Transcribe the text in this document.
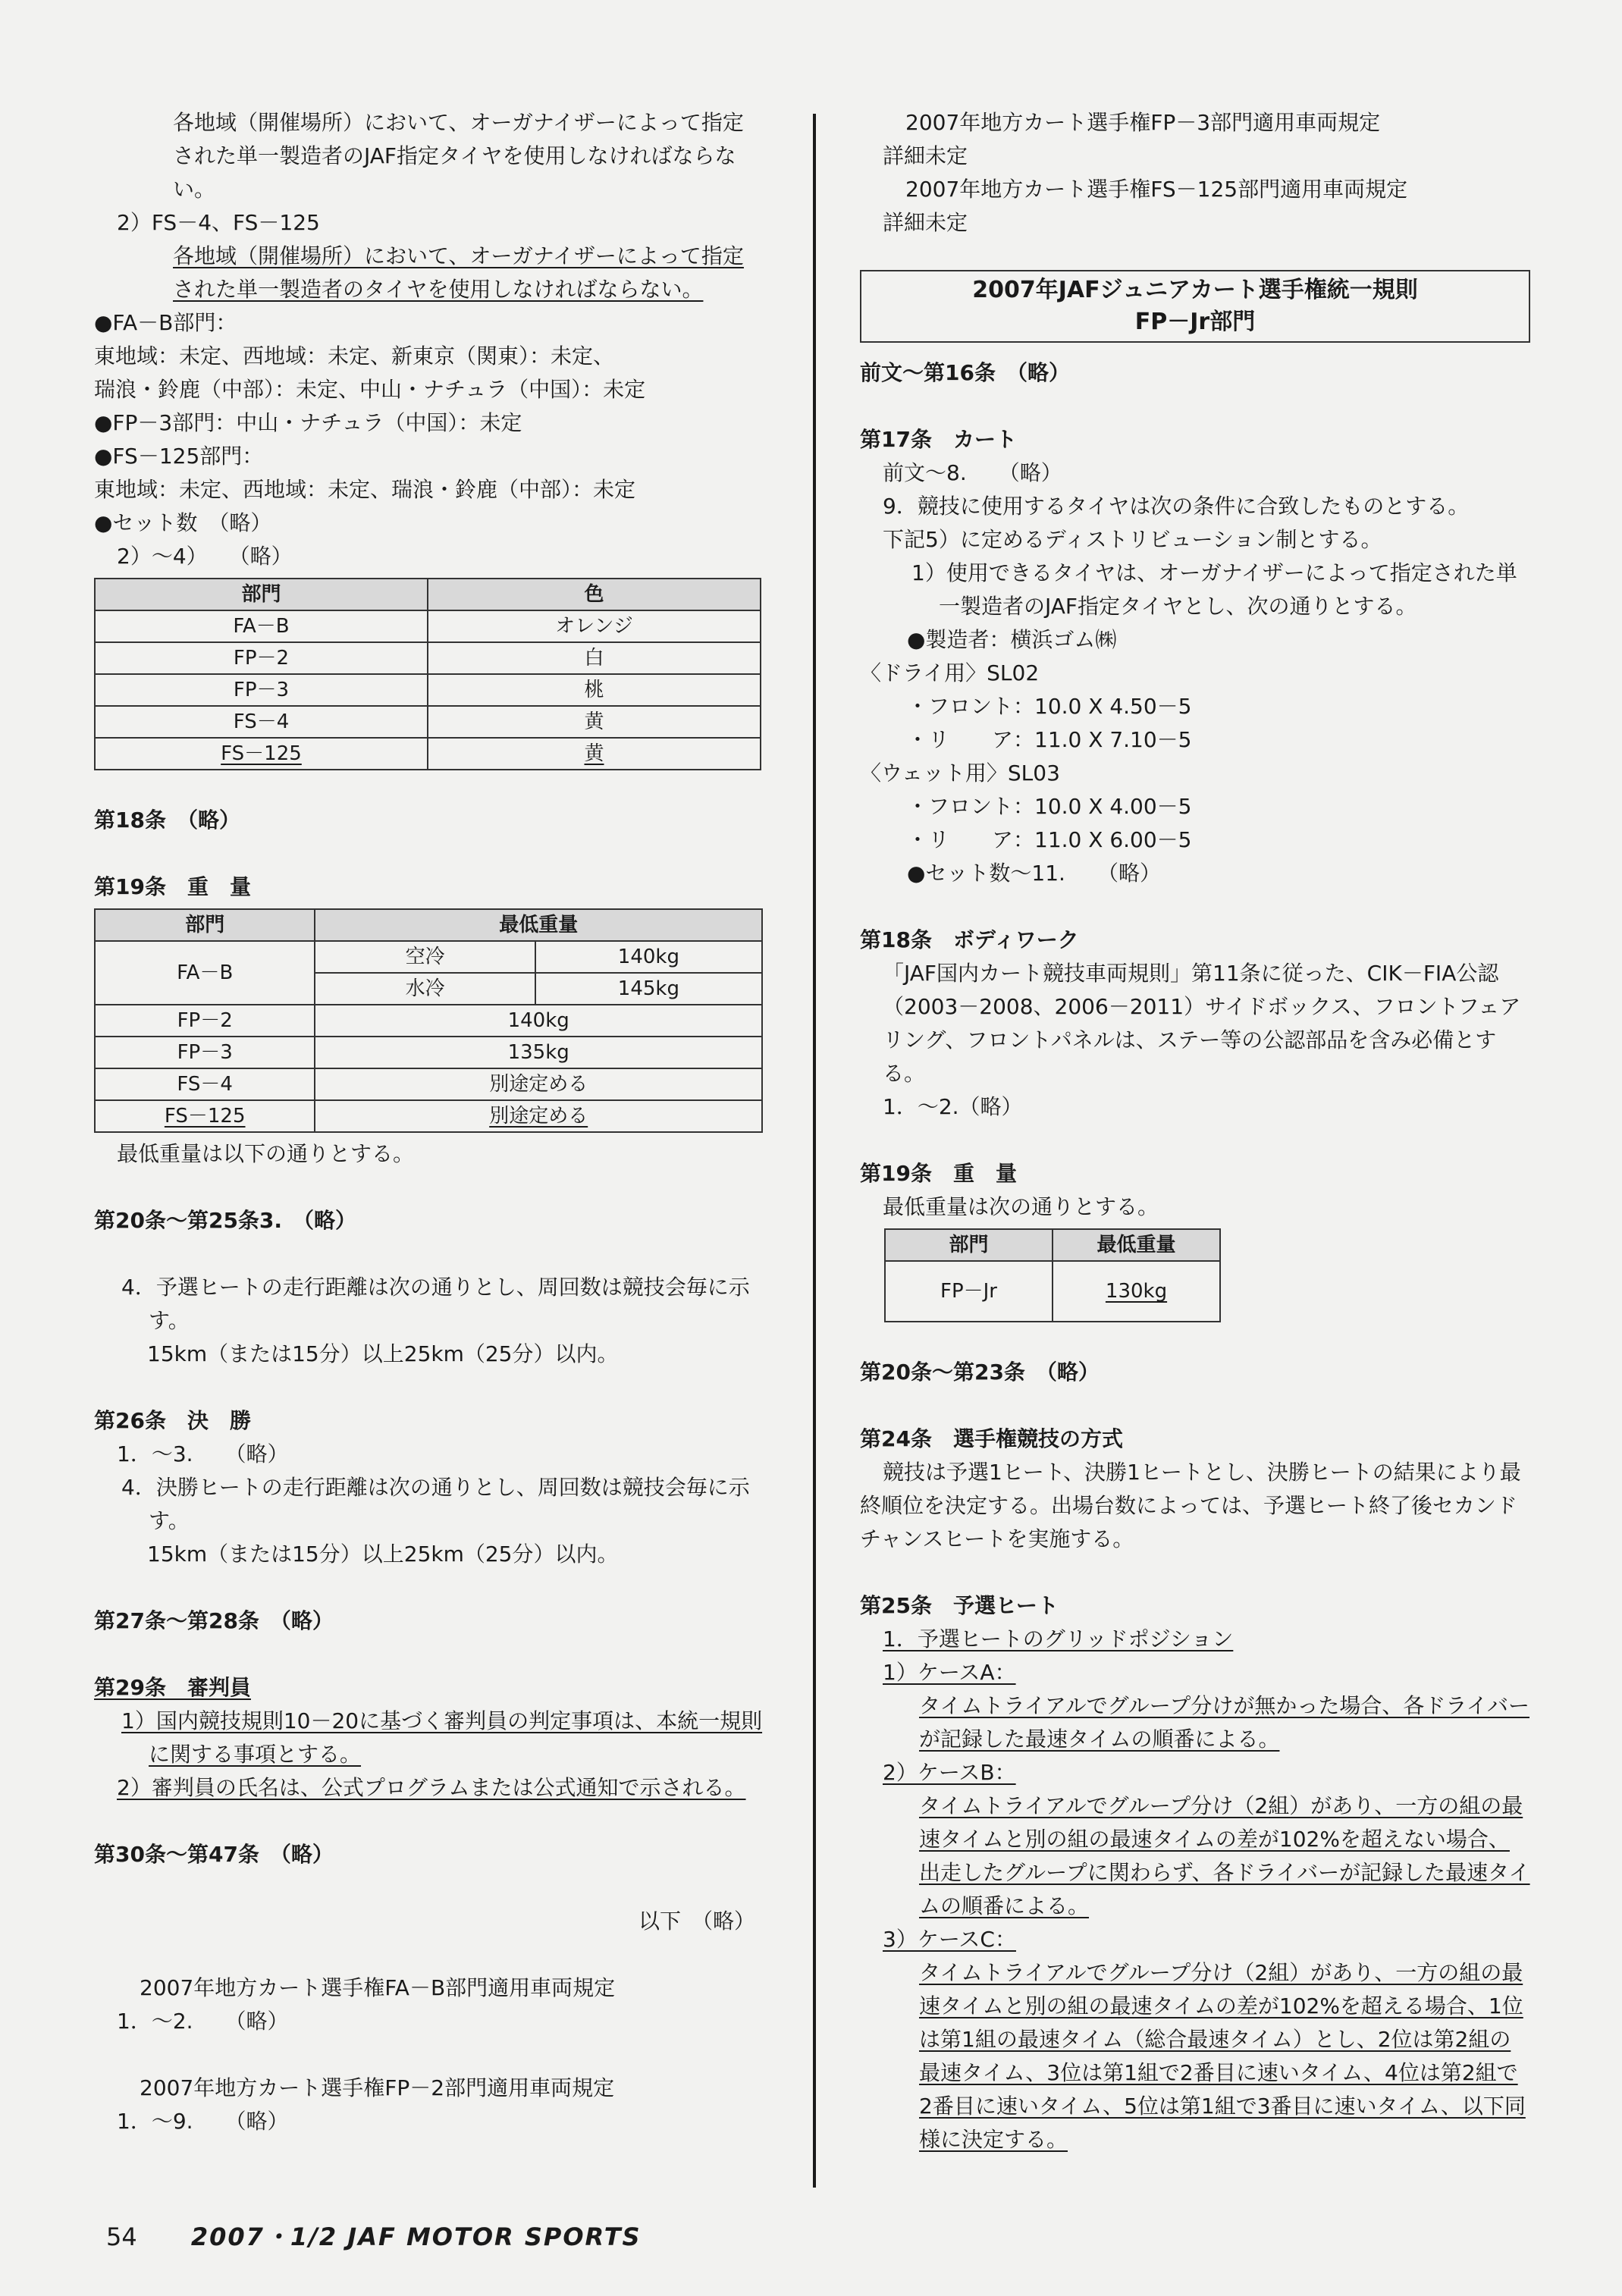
各地域（開催場所）において、オーガナイザーによって指定された単一製造者のJAF指定タイヤを使用しなければならない。

2）FS－4、FS－125

各地域（開催場所）において、オーガナイザーによって指定された単一製造者のタイヤを使用しなければならない。

●FA－B部門：

東地域：未定、西地域：未定、新東京（関東）：未定、

瑞浪・鈴鹿（中部）：未定、中山・ナチュラ（中国）：未定

●FP－3部門：中山・ナチュラ（中国）：未定

●FS－125部門：

東地域：未定、西地域：未定、瑞浪・鈴鹿（中部）：未定

●セット数　（略）

2）～4）　　（略）

部門	色
FA－B	オレンジ
FP－2	白
FP－3	桃
FS－4	黄
FS－125	黄

第18条　（略）

第19条　重　量

部門	最低重量	
FA－B	空冷	140kg
	水冷	145kg
FP－2	140kg	
FP－3	135kg	
FS－4	別途定める	
FS－125	別途定める	

最低重量は以下の通りとする。

第20条～第25条3.　（略）

4．予選ヒートの走行距離は次の通りとし、周回数は競技会毎に示す。

15km（または15分）以上25km（25分）以内。

第26条　決　勝

1．～3.　　（略）

4．決勝ヒートの走行距離は次の通りとし、周回数は競技会毎に示す。

15km（または15分）以上25km（25分）以内。

第27条～第28条　（略）

第29条　審判員

1）国内競技規則10－20に基づく審判員の判定事項は、本統一規則に関する事項とする。

2）審判員の氏名は、公式プログラムまたは公式通知で示される。

第30条～第47条　（略）

以下　（略）

2007年地方カート選手権FA－B部門適用車両規定

1．～2.　　（略）

2007年地方カート選手権FP－2部門適用車両規定

1．～9.　　（略）

2007年地方カート選手権FP－3部門適用車両規定

詳細未定

2007年地方カート選手権FS－125部門適用車両規定

詳細未定

2007年JAFジュニアカート選手権統一規則
FP－Jr部門

前文～第16条　（略）

第17条　カート

前文～8.　　（略）

9．競技に使用するタイヤは次の条件に合致したものとする。

下記5）に定めるディストリビューション制とする。

1）使用できるタイヤは、オーガナイザーによって指定された単一製造者のJAF指定タイヤとし、次の通りとする。

●製造者：横浜ゴム㈱

〈ドライ用〉SL02

・フロント：10.0 X 4.50－5

・リ　　ア：11.0 X 7.10－5

〈ウェット用〉SL03

・フロント：10.0 X 4.00－5

・リ　　ア：11.0 X 6.00－5

●セット数～11.　　（略）

第18条　ボディワーク

「JAF国内カート競技車両規則」第11条に従った、CIK－FIA公認（2003－2008、2006－2011）サイドボックス、フロントフェアリング、フロントパネルは、ステー等の公認部品を含み必備とする。

1．～2.（略）

第19条　重　量

最低重量は次の通りとする。

部門	最低重量
FP－Jr	130kg

第20条～第23条　（略）

第24条　選手権競技の方式

競技は予選1ヒート、決勝1ヒートとし、決勝ヒートの結果により最終順位を決定する。出場台数によっては、予選ヒート終了後セカンドチャンスヒートを実施する。

第25条　予選ヒート

1．予選ヒートのグリッドポジション

1）ケースA：

タイムトライアルでグループ分けが無かった場合、各ドライバーが記録した最速タイムの順番による。

2）ケースB：

タイムトライアルでグループ分け（2組）があり、一方の組の最速タイムと別の組の最速タイムの差が102%を超えない場合、出走したグループに関わらず、各ドライバーが記録した最速タイムの順番による。

3）ケースC：

タイムトライアルでグループ分け（2組）があり、一方の組の最速タイムと別の組の最速タイムの差が102%を超える場合、1位は第1組の最速タイム（総合最速タイム）とし、2位は第2組の最速タイム、3位は第1組で2番目に速いタイム、4位は第2組で2番目に速いタイム、5位は第1組で3番目に速いタイム、以下同様に決定する。

54 2007・1/2 JAF MOTOR SPORTS
